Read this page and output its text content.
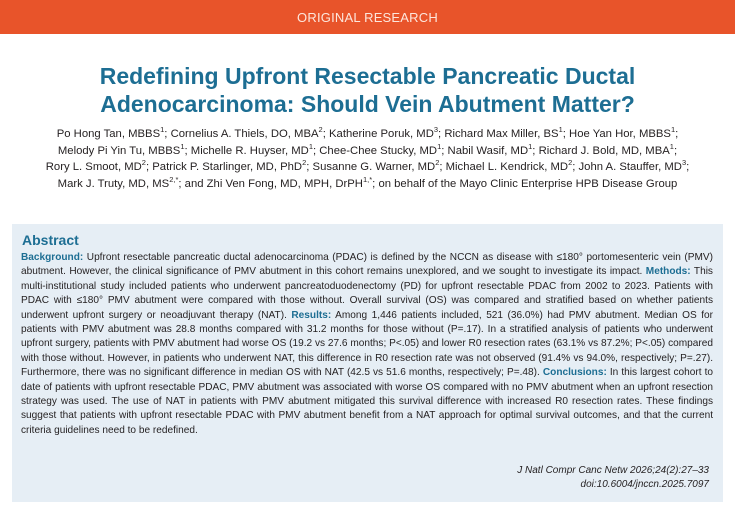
ORIGINAL RESEARCH
Redefining Upfront Resectable Pancreatic Ductal
Adenocarcinoma: Should Vein Abutment Matter?
Po Hong Tan, MBBS$^1$; Cornelius A. Thiels, DO, MBA$^2$; Katherine Poruk, $MD^3$; Richard Max Miller, $BS^1$; Hoe Yan Hor, MBBS$^1$;
Melody Pi Yin Tu, MBBS$^1$; Michelle R. Huyser, $MD^1$; Chee-Chee Stucky, $MD^1$; Nabil Wasif, $MD^1$; Richard J. Bold, MD, MBA$^1$;
Rory L. Smoot, $MD^2$; Patrick P. Starlinger, MD, PhD$^2$; Susanne G. Warner, $MD^2$; Michael L. Kendrick, $MD^2$; John A. Stauffer, $MD^3$;
Mark J. Truty, MD, $MS^{2,*}$; and Zhi Ven Fong, MD, MPH, DrPH$^{1,*}$; on behalf of the Mayo Clinic Enterprise HPB Disease Group
Abstract
Background: Upfront resectable pancreatic ductal adenocarcinoma (PDAC) is defined by the NCCN as disease with ≤180° portomesenteric vein (PMV) abutment. However, the clinical significance of PMV abutment in this cohort remains unexplored, and we sought to investigate its impact. Methods: This multi-institutional study included patients who underwent pancreatoduodenectomy (PD) for upfront resectable PDAC from 2002 to 2023. Patients with PDAC with ≤180° PMV abutment were compared with those without. Overall survival (OS) was compared and stratified based on whether patients underwent upfront surgery or neoadjuvant therapy (NAT). Results: Among 1,446 patients included, 521 (36.0%) had PMV abutment. Median OS for patients with PMV abutment was 28.8 months compared with 31.2 months for those without (P=.17). In a stratified analysis of patients who underwent upfront surgery, patients with PMV abutment had worse OS (19.2 vs 27.6 months; P<.05) and lower R0 resection rates (63.1% vs 87.2%; P<.05) compared with those without. However, in patients who underwent NAT, this difference in R0 resection rate was not observed (91.4% vs 94.0%, respectively; P=.27). Furthermore, there was no significant difference in median OS with NAT (42.5 vs 51.6 months, respectively; P=.48). Conclusions: In this largest cohort to date of patients with upfront resectable PDAC, PMV abutment was associated with worse OS compared with no PMV abutment when an upfront resection strategy was used. The use of NAT in patients with PMV abutment mitigated this survival difference with increased R0 resection rates. These findings suggest that patients with upfront resectable PDAC with PMV abutment benefit from a NAT approach for optimal survival outcomes, and that the current criteria guidelines need to be redefined.
J Natl Compr Canc Netw 2026;24(2):27–33
doi:10.6004/jnccn.2025.7097
